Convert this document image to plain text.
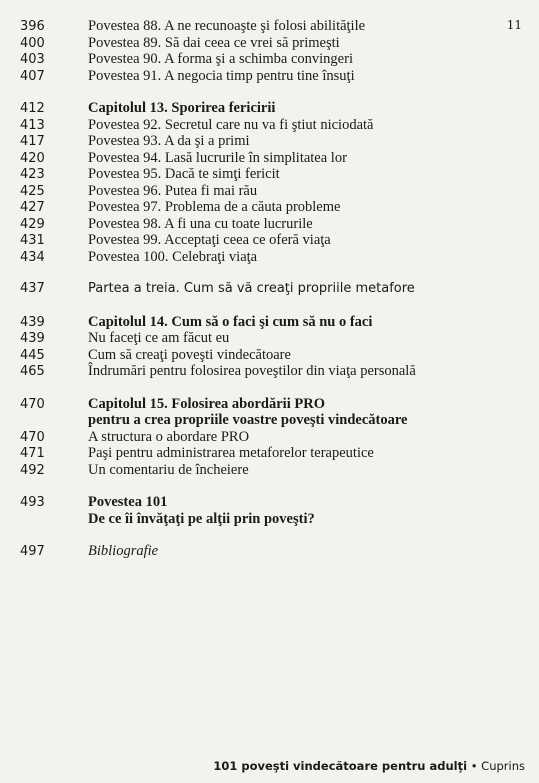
11
396	Povestea 88. A ne recunoaşte şi folosi abilităţile
400	Povestea 89. Să dai ceea ce vrei să primeşti
403	Povestea 90. A forma şi a schimba convingeri
407	Povestea 91. A negocia timp pentru tine însuţi
412	Capitolul 13. Sporirea fericirii
413	Povestea 92. Secretul care nu va fi ştiut niciodată
417	Povestea 93. A da şi a primi
420	Povestea 94. Lasă lucrurile în simplitatea lor
423	Povestea 95. Dacă te simţi fericit
425	Povestea 96. Putea fi mai rău
427	Povestea 97. Problema de a căuta probleme
429	Povestea 98. A fi una cu toate lucrurile
431	Povestea 99. Acceptaţi ceea ce oferă viaţa
434	Povestea 100. Celebraţi viaţa
437	Partea a treia. Cum să vă creaţi propriile metafore
439	Capitolul 14. Cum să o faci şi cum să nu o faci
439	Nu faceţi ce am făcut eu
445	Cum să creaţi poveşti vindecătoare
465	Îndrumări pentru folosirea poveştilor din viaţa personală
470	Capitolul 15. Folosirea abordării PRO
pentru a crea propriile voastre poveşti vindecătoare
470	A structura o abordare PRO
471	Paşi pentru administrarea metaforelor terapeutice
492	Un comentariu de încheiere
493	Povestea 101
De ce îi învăţaţi pe alţii prin poveşti?
497	Bibliografie
101 poveşti vindecătoare pentru adulţi • Cuprins
